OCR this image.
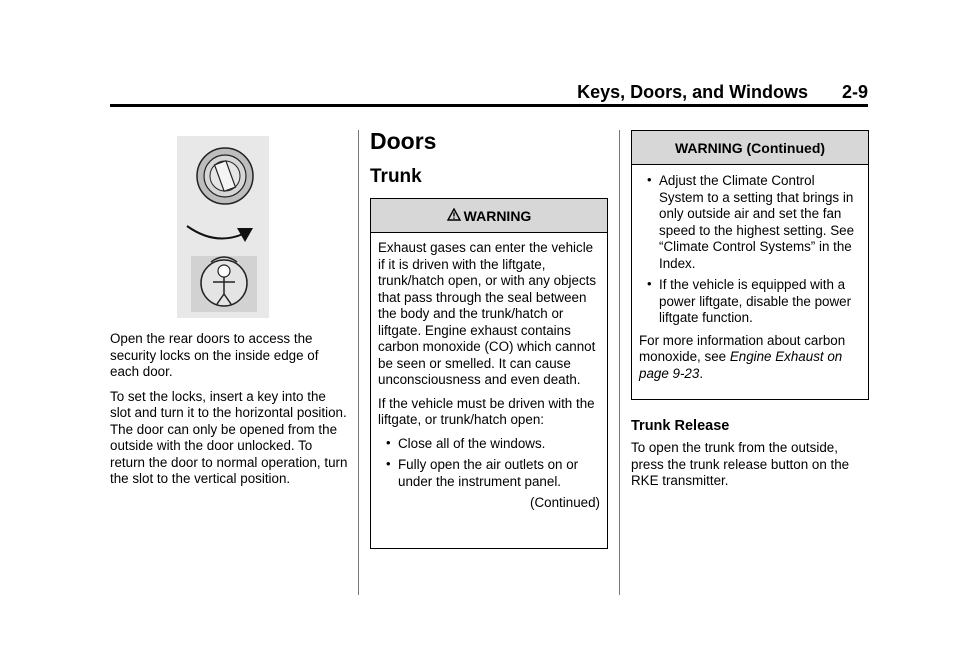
Keys, Doors, and Windows 2-9

Open the rear doors to access the security locks on the inside edge of each door.

To set the locks, insert a key into the slot and turn it to the horizontal position. The door can only be opened from the outside with the door unlocked. To return the door to normal operation, turn the slot to the vertical position.

Doors
Trunk
WARNING

Exhaust gases can enter the vehicle if it is driven with the liftgate, trunk/hatch open, or with any objects that pass through the seal between the body and the trunk/hatch or liftgate. Engine exhaust contains carbon monoxide (CO) which cannot be seen or smelled. It can cause unconsciousness and even death.

If the vehicle must be driven with the liftgate, or trunk/hatch open:

• Close all of the windows.
• Fully open the air outlets on or under the instrument panel.
(Continued)
WARNING (Continued)
• Adjust the Climate Control System to a setting that brings in only outside air and set the fan speed to the highest setting. See “Climate Control Systems” in the Index.
• If the vehicle is equipped with a power liftgate, disable the power liftgate function.

For more information about carbon monoxide, see Engine Exhaust on page 9-23.

Trunk Release
To open the trunk from the outside, press the trunk release button on the RKE transmitter.
